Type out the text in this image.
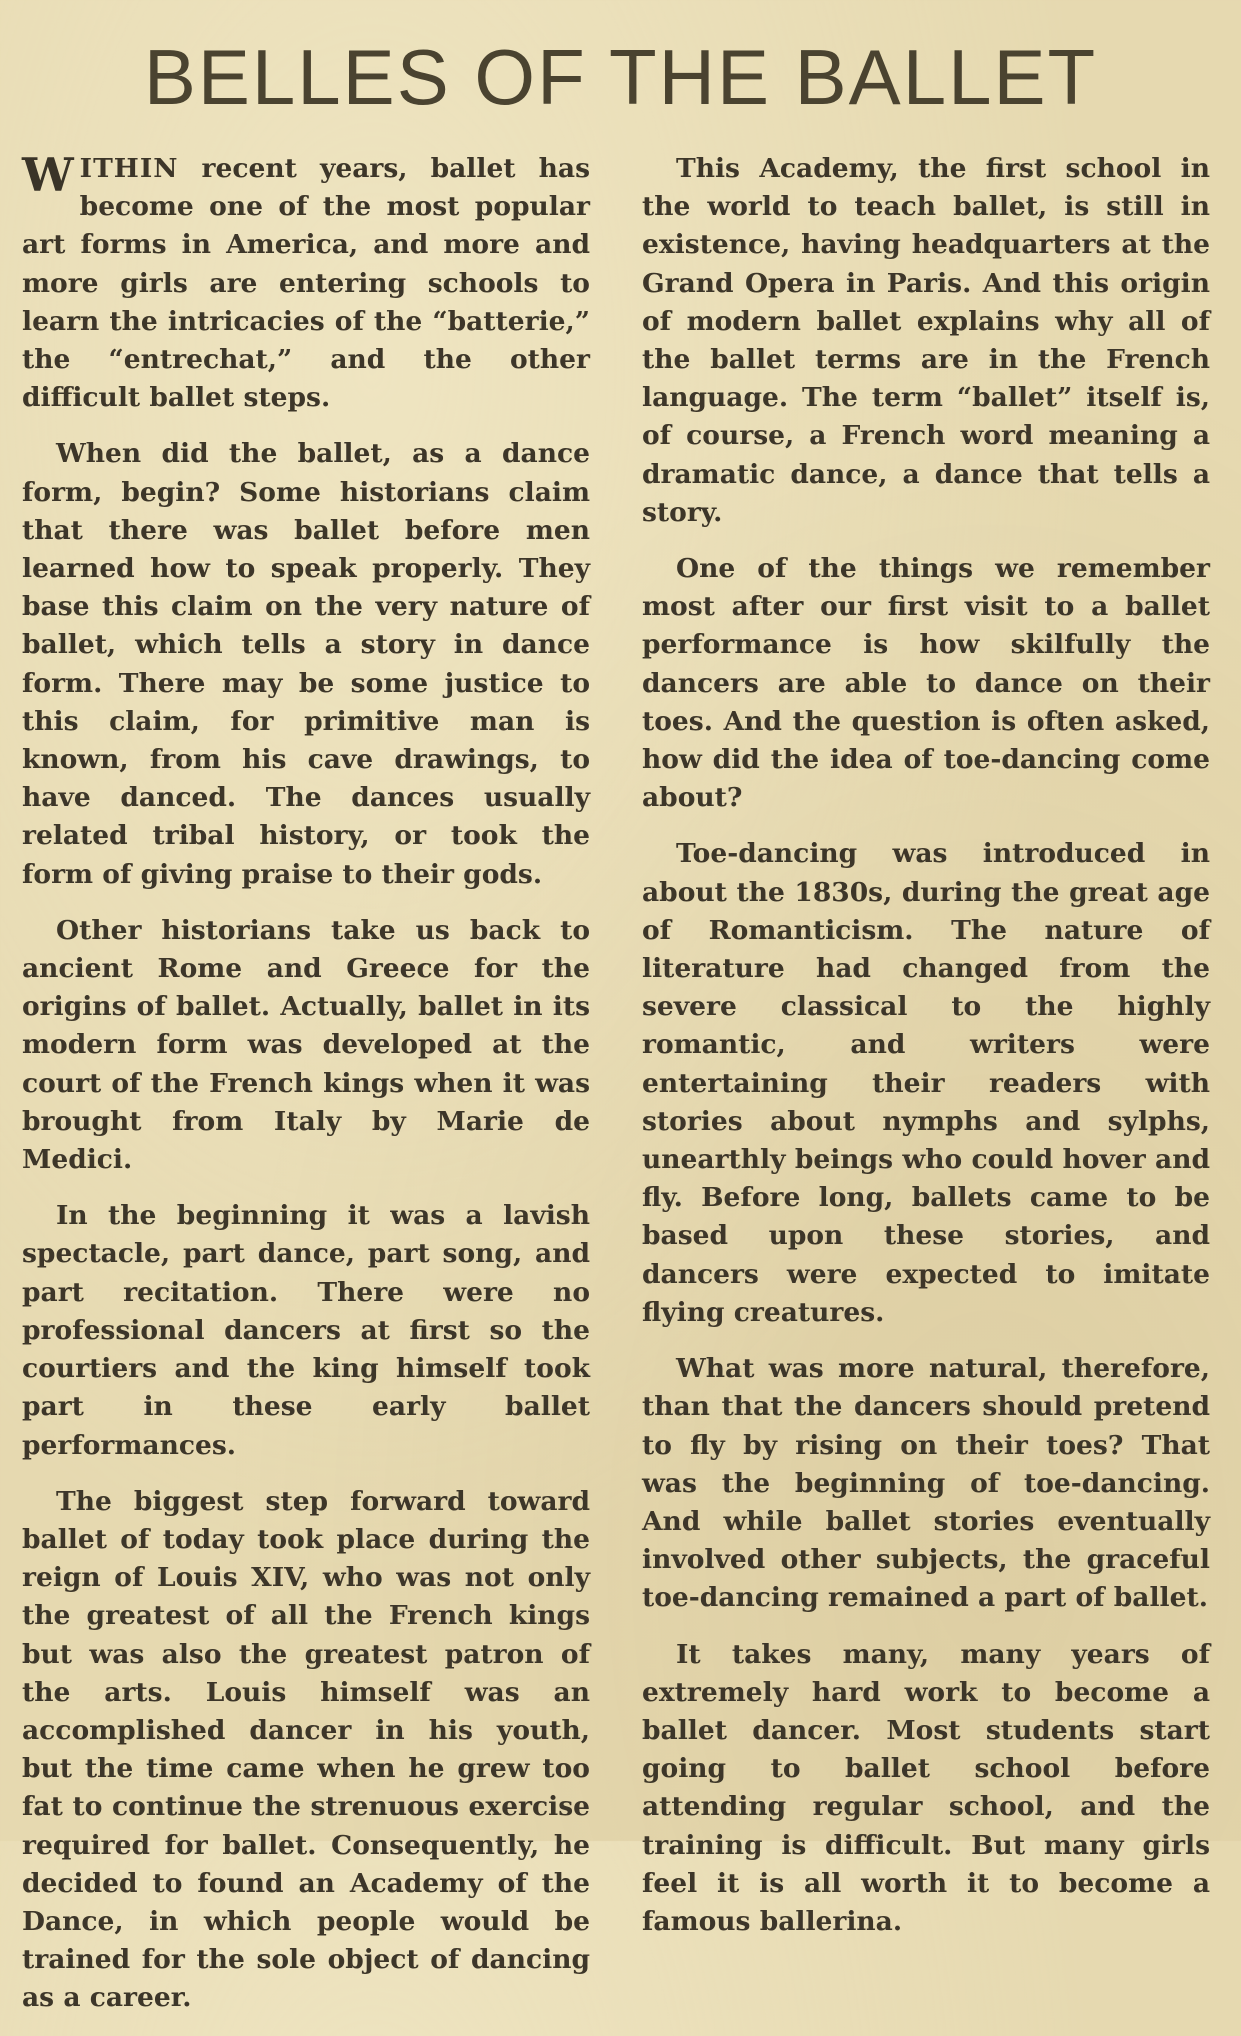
BELLES OF THE BALLET

WITHIN recent years, ballet has become one of the most popular art forms in America, and more and more girls are entering schools to learn the intricacies of the “batterie,” the “entrechat,” and the other difficult ballet steps.

When did the ballet, as a dance form, begin? Some historians claim that there was ballet before men learned how to speak properly. They base this claim on the very nature of ballet, which tells a story in dance form. There may be some justice to this claim, for primitive man is known, from his cave drawings, to have danced. The dances usually related tribal history, or took the form of giving praise to their gods.

Other historians take us back to ancient Rome and Greece for the origins of ballet. Actually, ballet in its modern form was developed at the court of the French kings when it was brought from Italy by Marie de Medici.

In the beginning it was a lavish spectacle, part dance, part song, and part recitation. There were no professional dancers at first so the courtiers and the king himself took part in these early ballet performances.

The biggest step forward toward ballet of today took place during the reign of Louis XIV, who was not only the greatest of all the French kings but was also the greatest patron of the arts. Louis himself was an accomplished dancer in his youth, but the time came when he grew too fat to continue the strenuous exercise required for ballet. Consequently, he decided to found an Academy of the Dance, in which people would be trained for the sole object of dancing as a career.

This Academy, the first school in the world to teach ballet, is still in existence, having headquarters at the Grand Opera in Paris. And this origin of modern ballet explains why all of the ballet terms are in the French language. The term “ballet” itself is, of course, a French word meaning a dramatic dance, a dance that tells a story.

One of the things we remember most after our first visit to a ballet performance is how skilfully the dancers are able to dance on their toes. And the question is often asked, how did the idea of toe-dancing come about?

Toe-dancing was introduced in about the 1830s, during the great age of Romanticism. The nature of literature had changed from the severe classical to the highly romantic, and writers were entertaining their readers with stories about nymphs and sylphs, unearthly beings who could hover and fly. Before long, ballets came to be based upon these stories, and dancers were expected to imitate flying creatures.

What was more natural, therefore, than that the dancers should pretend to fly by rising on their toes? That was the beginning of toe-dancing. And while ballet stories eventually involved other subjects, the graceful toe-dancing remained a part of ballet.

It takes many, many years of extremely hard work to become a ballet dancer. Most students start going to ballet school before attending regular school, and the training is difficult. But many girls feel it is all worth it to become a famous ballerina.
